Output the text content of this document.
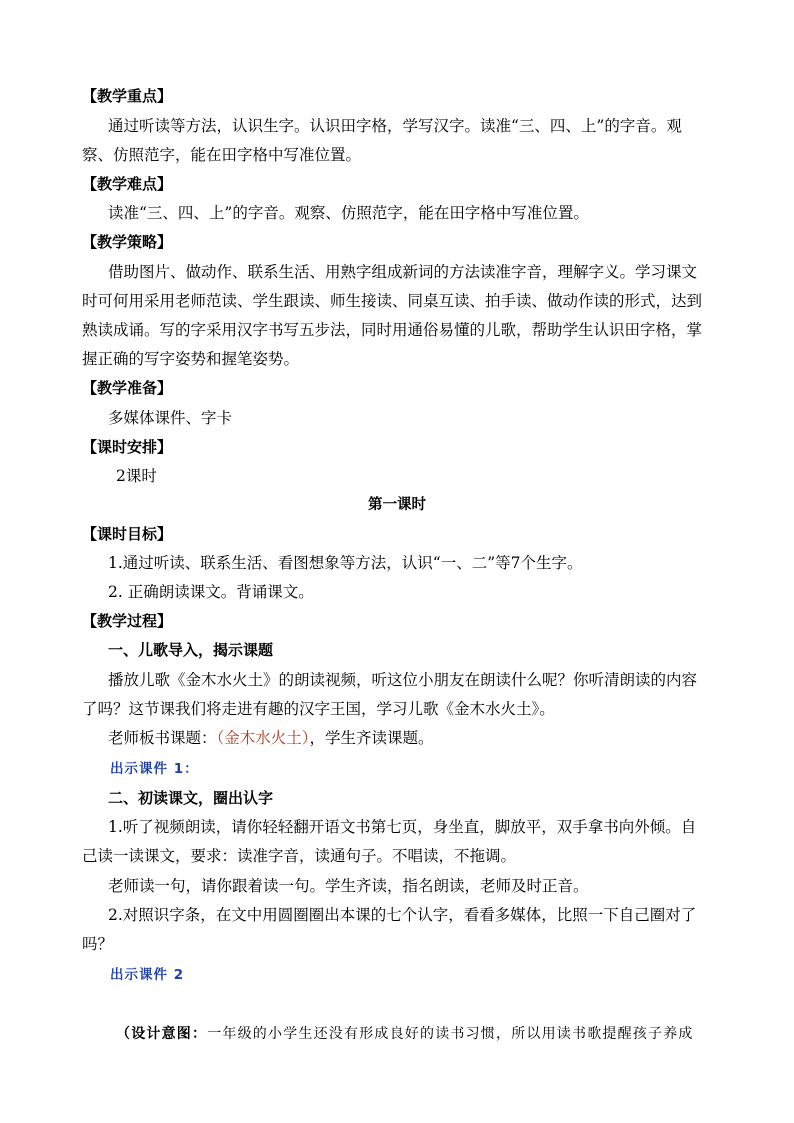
【教学重点】
通过听读等方法，认识生字。认识田字格，学写汉字。读准“三、四、上”的字音。观
察、仿照范字，能在田字格中写准位置。
【教学难点】
读准“三、四、上”的字音。观察、仿照范字，能在田字格中写准位置。
【教学策略】
借助图片、做动作、联系生活、用熟字组成新词的方法读准字音，理解字义。学习课文
时可何用采用老师范读、学生跟读、师生接读、同桌互读、拍手读、做动作读的形式，达到
熟读成诵。写的字采用汉字书写五步法，同时用通俗易懂的儿歌，帮助学生认识田字格，掌
握正确的写字姿势和握笔姿势。
【教学准备】
多媒体课件、字卡
【课时安排】
2课时
第一课时
【课时目标】
1.通过听读、联系生活、看图想象等方法，认识“一、二”等7个生字。
2. 正确朗读课文。背诵课文。
【教学过程】
一、儿歌导入，揭示课题
播放儿歌《金木水火土》的朗读视频，听这位小朋友在朗读什么呢？你听清朗读的内容
了吗？这节课我们将走进有趣的汉字王国，学习儿歌《金木水火土》。
老师板书课题：（金木水火土），学生齐读课题。
出示课件 1：
二、初读课文，圈出认字
1.听了视频朗读，请你轻轻翻开语文书第七页，身坐直，脚放平，双手拿书向外倾。自
己读一读课文，要求：读准字音，读通句子。不唱读，不拖调。
老师读一句，请你跟着读一句。学生齐读，指名朗读，老师及时正音。
2.对照识字条，在文中用圆圈圈出本课的七个认字，看看多媒体，比照一下自己圈对了
吗？
出示课件 2
（设计意图：一年级的小学生还没有形成良好的读书习惯，所以用读书歌提醒孩子养成
